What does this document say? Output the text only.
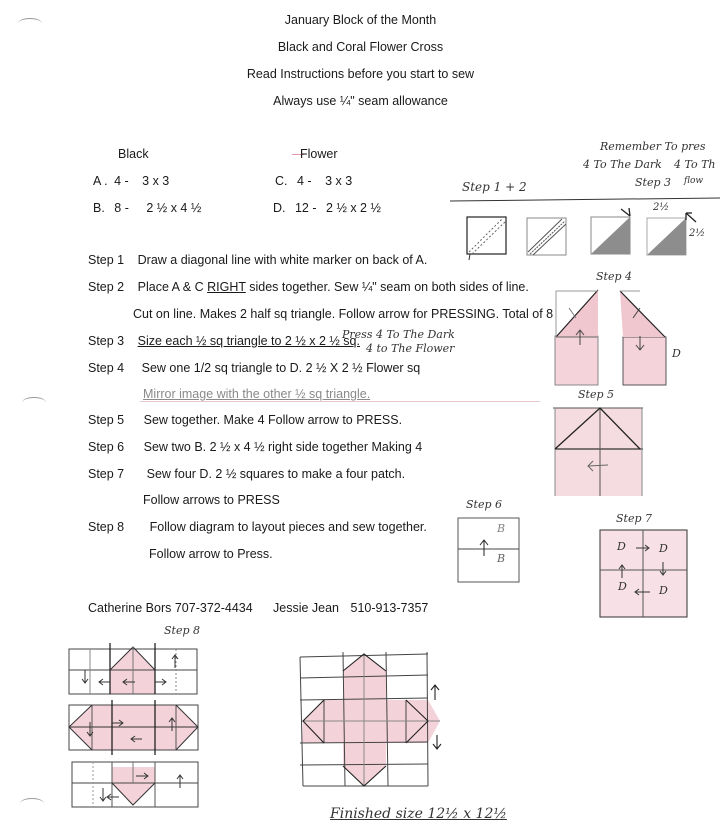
January Block of the Month
Black and Coral Flower Cross
Read Instructions before you start to sew
Always use ¼" seam allowance
Black
A . 4 - 3 x 3
B. 8 - 2 ½ x 4 ½
Flower
C. 4 - 3 x 3
D. 12 - 2 ½ x 2 ½
Step 1 Draw a diagonal line with white marker on back of A.
Step 2 Place A & C RIGHT sides together. Sew ¼" seam on both sides of line.
Cut on line. Makes 2 half sq triangle. Follow arrow for PRESSING. Total of 8
Step 3 Size each ½ sq triangle to 2 ½ x 2 ½ sq.
Press 4 To The Dark
4 to The Flower
Step 4 Sew one 1/2 sq triangle to D. 2 ½ X 2 ½ Flower sq
Mirror image with the other ½ sq triangle.
Step 5 Sew together. Make 4 Follow arrow to PRESS.
Step 6 Sew two B. 2 ½ x 4 ½ right side together Making 4
Step 7 Sew four D. 2 ½ squares to make a four patch.
Follow arrows to PRESS
Step 8 Follow diagram to layout pieces and sew together.
Follow arrow to Press.
Catherine Bors 707-372-4434 Jessie Jean 510-913-7357
Remember To pres
4 To The Dark 4 To Th
Step 3 flow
Step 1 + 2
2½
2½
Step 4
D
Step 5
Step 6
B
B
Step 7
D	D
D	D
Step 8
Finished size 12½ x 12½
